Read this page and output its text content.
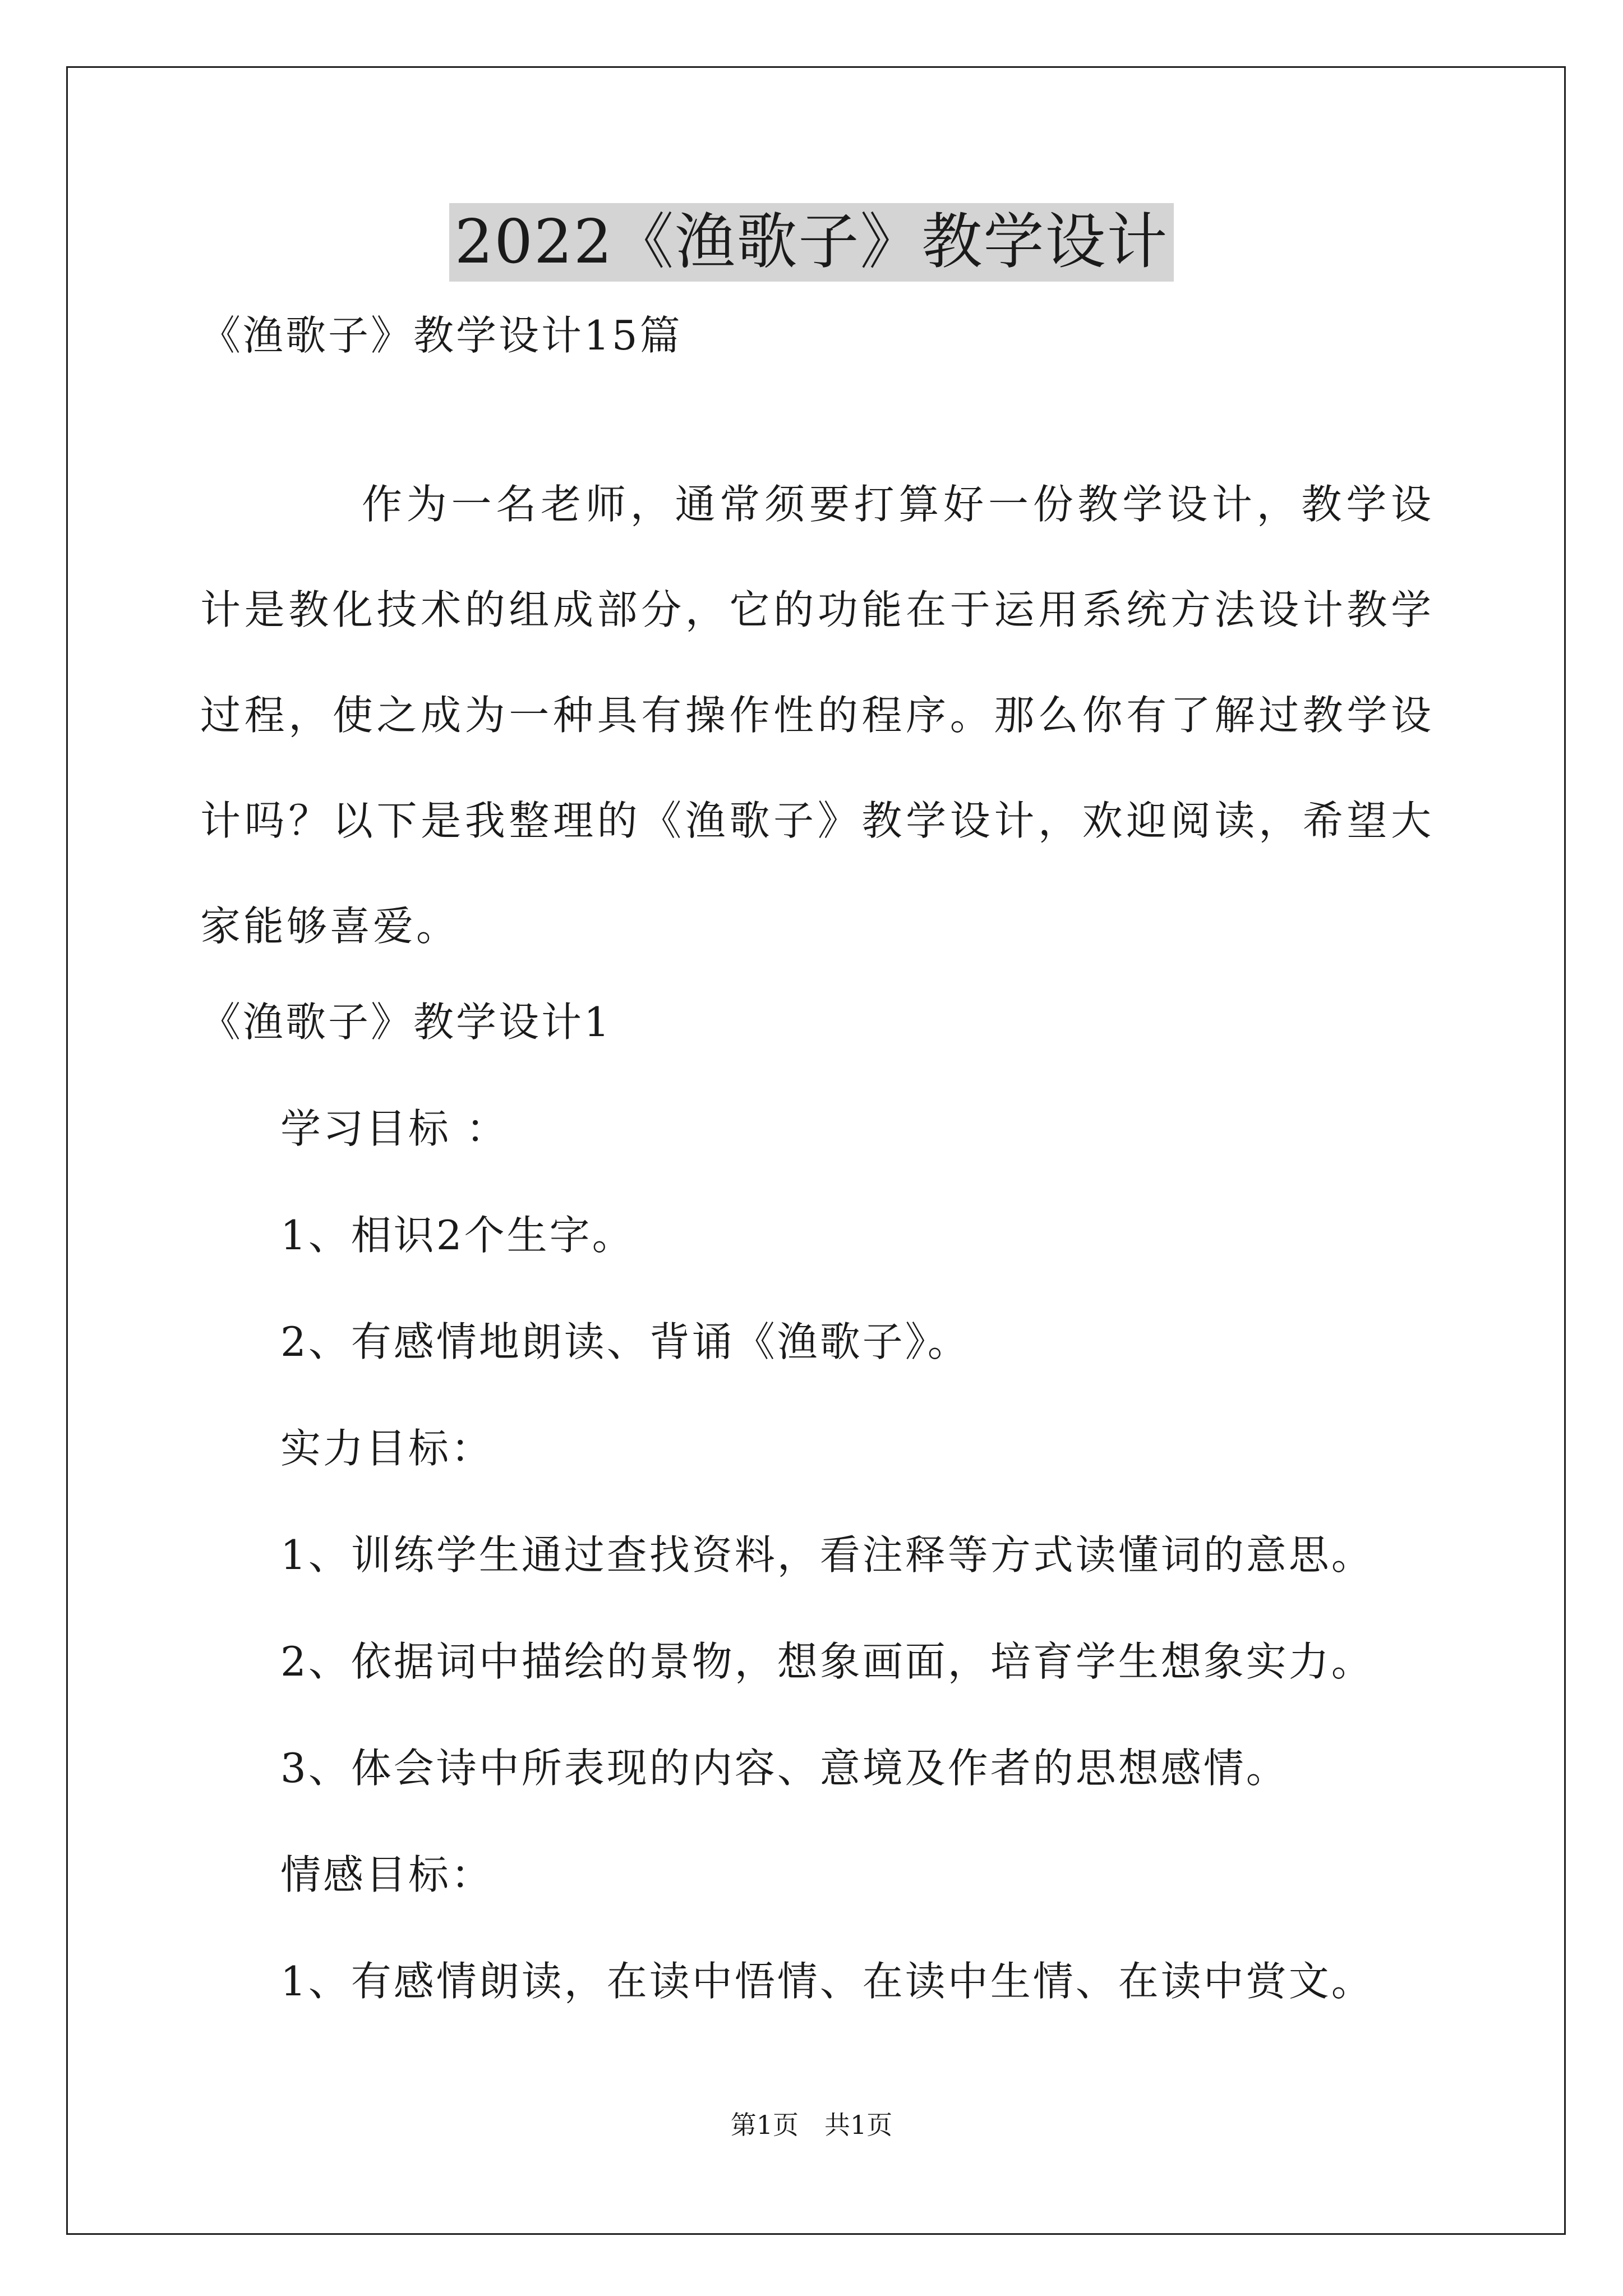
2022《渔歌子》教学设计
《渔歌子》教学设计15篇
作为一名老师，通常须要打算好一份教学设计，教学设计是教化技术的组成部分，它的功能在于运用系统方法设计教学过程，使之成为一种具有操作性的程序。那么你有了解过教学设计吗？以下是我整理的《渔歌子》教学设计，欢迎阅读，希望大家能够喜爱。
《渔歌子》教学设计1
学习目标 ：
1、相识2个生字。
2、有感情地朗读、背诵《渔歌子》。
实力目标：
1、训练学生通过查找资料，看注释等方式读懂词的意思。
2、依据词中描绘的景物，想象画面，培育学生想象实力。
3、体会诗中所表现的内容、意境及作者的思想感情。
情感目标：
1、有感情朗读，在读中悟情、在读中生情、在读中赏文。
第1页　共1页
